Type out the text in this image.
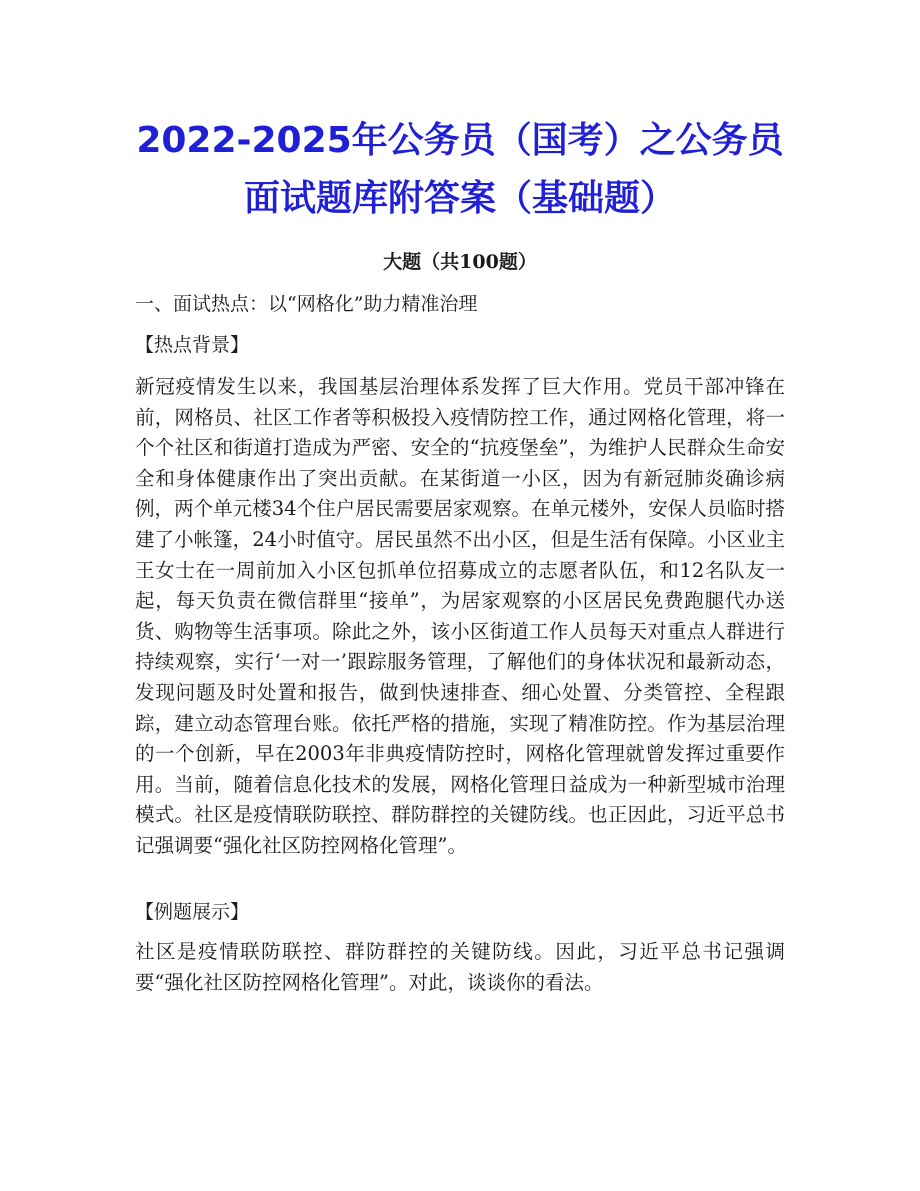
2022-2025年公务员（国考）之公务员面试题库附答案（基础题）
大题（共100题）

一、面试热点：以“网格化”助力精准治理

【热点背景】

新冠疫情发生以来，我国基层治理体系发挥了巨大作用。党员干部冲锋在前，网格员、社区工作者等积极投入疫情防控工作，通过网格化管理，将一个个社区和街道打造成为严密、安全的“抗疫堡垒”，为维护人民群众生命安全和身体健康作出了突出贡献。在某街道一小区，因为有新冠肺炎确诊病例，两个单元楼34个住户居民需要居家观察。在单元楼外，安保人员临时搭建了小帐篷，24小时值守。居民虽然不出小区，但是生活有保障。小区业主王女士在一周前加入小区包抓单位招募成立的志愿者队伍，和12名队友一起，每天负责在微信群里“接单”，为居家观察的小区居民免费跑腿代办送货、购物等生活事项。除此之外，该小区街道工作人员每天对重点人群进行持续观察，实行‘一对一’跟踪服务管理，了解他们的身体状况和最新动态，发现问题及时处置和报告，做到快速排查、细心处置、分类管控、全程跟踪，建立动态管理台账。依托严格的措施，实现了精准防控。作为基层治理的一个创新，早在2003年非典疫情防控时，网格化管理就曾发挥过重要作用。当前，随着信息化技术的发展，网格化管理日益成为一种新型城市治理模式。社区是疫情联防联控、群防群控的关键防线。也正因此，习近平总书记强调要“强化社区防控网格化管理”。

【例题展示】

社区是疫情联防联控、群防群控的关键防线。因此，习近平总书记强调要“强化社区防控网格化管理”。对此，谈谈你的看法。
